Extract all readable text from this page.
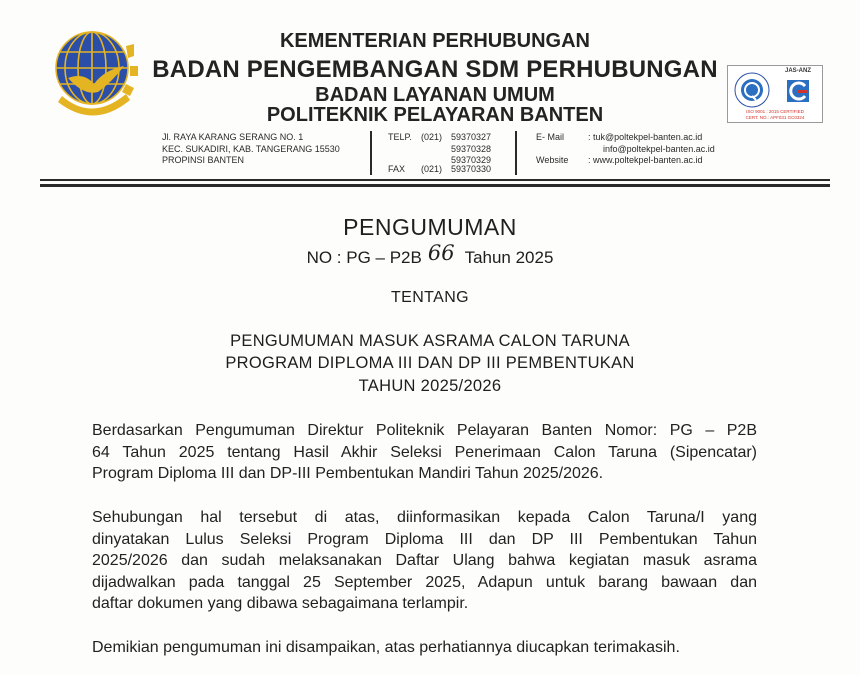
KEMENTERIAN PERHUBUNGAN
BADAN PENGEMBANGAN SDM PERHUBUNGAN
BADAN LAYANAN UMUM
POLITEKNIK PELAYARAN BANTEN
JAS-ANZ
ISO 9001 : 2015 CERTIFIED
CERT. NO.: APF031 GC0324
Jl. RAYA KARANG SERANG NO. 1
KEC. SUKADIRI, KAB. TANGERANG 15530
PROPINSI BANTEN
TELP. (021) 59370327
59370328
59370329
FAX (021) 59370330
E- Mail	: tuk@poltekpel-banten.ac.id
info@poltekpel-banten.ac.id
Website : www.poltekpel-banten.ac.id
PENGUMUMAN
NO : PG – P2B 66 Tahun 2025
TENTANG
PENGUMUMAN MASUK ASRAMA CALON TARUNA
PROGRAM DIPLOMA III DAN DP III PEMBENTUKAN
TAHUN 2025/2026
Berdasarkan Pengumuman Direktur Politeknik Pelayaran Banten Nomor: PG – P2B
64 Tahun 2025 tentang Hasil Akhir Seleksi Penerimaan Calon Taruna (Sipencatar)
Program Diploma III dan DP-III Pembentukan Mandiri Tahun 2025/2026.
Sehubungan hal tersebut di atas, diinformasikan kepada Calon Taruna/I yang
dinyatakan Lulus Seleksi Program Diploma III dan DP III Pembentukan Tahun
2025/2026 dan sudah melaksanakan Daftar Ulang bahwa kegiatan masuk asrama
dijadwalkan pada tanggal 25 September 2025, Adapun untuk barang bawaan dan
daftar dokumen yang dibawa sebagaimana terlampir.
Demikian pengumuman ini disampaikan, atas perhatiannya diucapkan terimakasih.
